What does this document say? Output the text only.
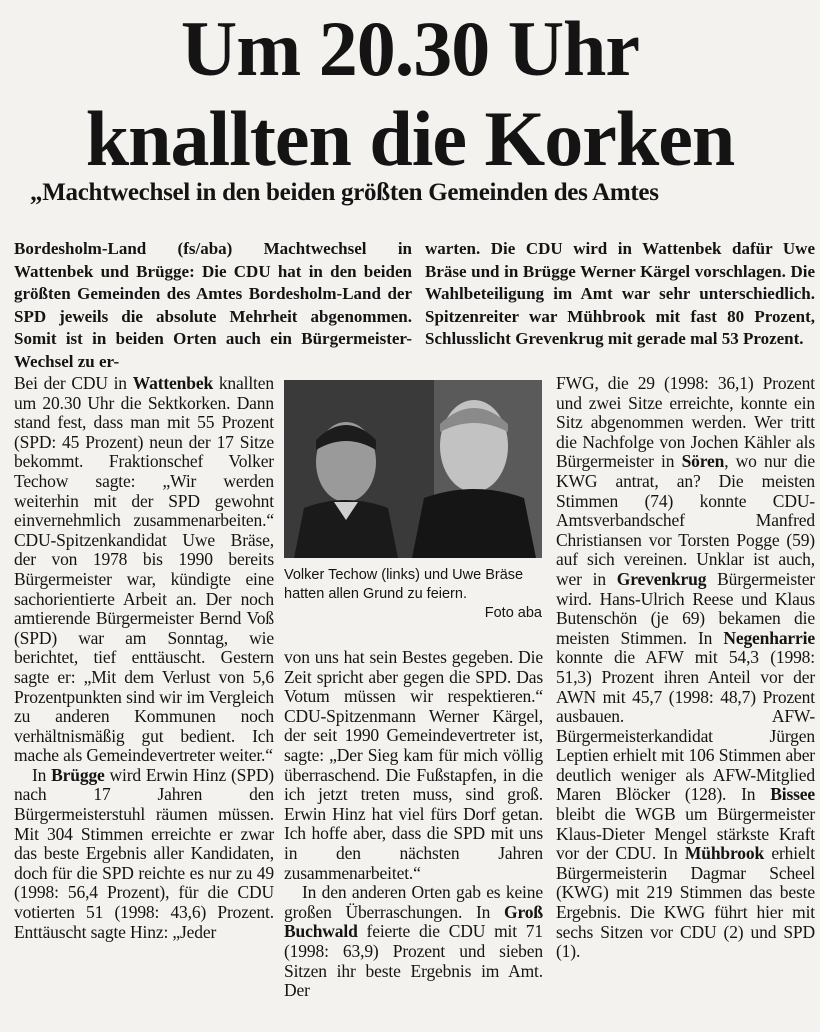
Um 20.30 Uhr
knallten die Korken
„Machtwechsel in den beiden größten Gemeinden des Amtes
Bordesholm-Land (fs/aba) Machtwechsel in Wattenbek und Brügge: Die CDU hat in den beiden größten Gemeinden des Amtes Bordesholm-Land der SPD jeweils die absolute Mehrheit abgenommen. Somit ist in beiden Orten auch ein Bürgermeister-Wechsel zu er-
warten. Die CDU wird in Wattenbek dafür Uwe Bräse und in Brügge Werner Kärgel vorschlagen. Die Wahlbeteiligung im Amt war sehr unterschiedlich. Spitzenreiter war Mühbrook mit fast 80 Prozent, Schlusslicht Grevenkrug mit gerade mal 53 Prozent.

Bei der CDU in Wattenbek knallten um 20.30 Uhr die Sektkorken. Dann stand fest, dass man mit 55 Prozent (SPD: 45 Prozent) neun der 17 Sitze bekommt. Fraktionschef Volker Techow sagte: „Wir werden weiterhin mit der SPD gewohnt einvernehmlich zusammenarbeiten.“ CDU-Spitzenkandidat Uwe Bräse, der von 1978 bis 1990 bereits Bürgermeister war, kündigte eine sachorientierte Arbeit an. Der noch amtierende Bürgermeister Bernd Voß (SPD) war am Sonntag, wie berichtet, tief enttäuscht. Gestern sagte er: „Mit dem Verlust von 5,6 Prozentpunkten sind wir im Vergleich zu anderen Kommunen noch verhältnismäßig gut bedient. Ich mache als Gemeindevertreter weiter.“

In Brügge wird Erwin Hinz (SPD) nach 17 Jahren den Bürgermeisterstuhl räumen müssen. Mit 304 Stimmen erreichte er zwar das beste Ergebnis aller Kandidaten, doch für die SPD reichte es nur zu 49 (1998: 56,4 Prozent), für die CDU votierten 51 (1998: 43,6) Prozent. Enttäuscht sagte Hinz: „Jeder

Volker Techow (links) und Uwe Bräse hatten allen Grund zu feiern.
Foto aba

von uns hat sein Bestes gegeben. Die Zeit spricht aber gegen die SPD. Das Votum müssen wir respektieren.“ CDU-Spitzenmann Werner Kärgel, der seit 1990 Gemeindevertreter ist, sagte: „Der Sieg kam für mich völlig überraschend. Die Fußstapfen, in die ich jetzt treten muss, sind groß. Erwin Hinz hat viel fürs Dorf getan. Ich hoffe aber, dass die SPD mit uns in den nächsten Jahren zusammenarbeitet.“

In den anderen Orten gab es keine großen Überraschungen. In Groß Buchwald feierte die CDU mit 71 (1998: 63,9) Prozent und sieben Sitzen ihr beste Ergebnis im Amt. Der

FWG, die 29 (1998: 36,1) Prozent und zwei Sitze erreichte, konnte ein Sitz abgenommen werden. Wer tritt die Nachfolge von Jochen Kähler als Bürgermeister in Sören, wo nur die KWG antrat, an? Die meisten Stimmen (74) konnte CDU-Amtsverbandschef Manfred Christiansen vor Torsten Pogge (59) auf sich vereinen. Unklar ist auch, wer in Grevenkrug Bürgermeister wird. Hans-Ulrich Reese und Klaus Butenschön (je 69) bekamen die meisten Stimmen. In Negenharrie konnte die AFW mit 54,3 (1998: 51,3) Prozent ihren Anteil vor der AWN mit 45,7 (1998: 48,7) Prozent ausbauen. AFW-Bürgermeisterkandidat Jürgen Leptien erhielt mit 106 Stimmen aber deutlich weniger als AFW-Mitglied Maren Blöcker (128). In Bissee bleibt die WGB um Bürgermeister Klaus-Dieter Mengel stärkste Kraft vor der CDU. In Mühbrook erhielt Bürgermeisterin Dagmar Scheel (KWG) mit 219 Stimmen das beste Ergebnis. Die KWG führt hier mit sechs Sitzen vor CDU (2) und SPD (1).
